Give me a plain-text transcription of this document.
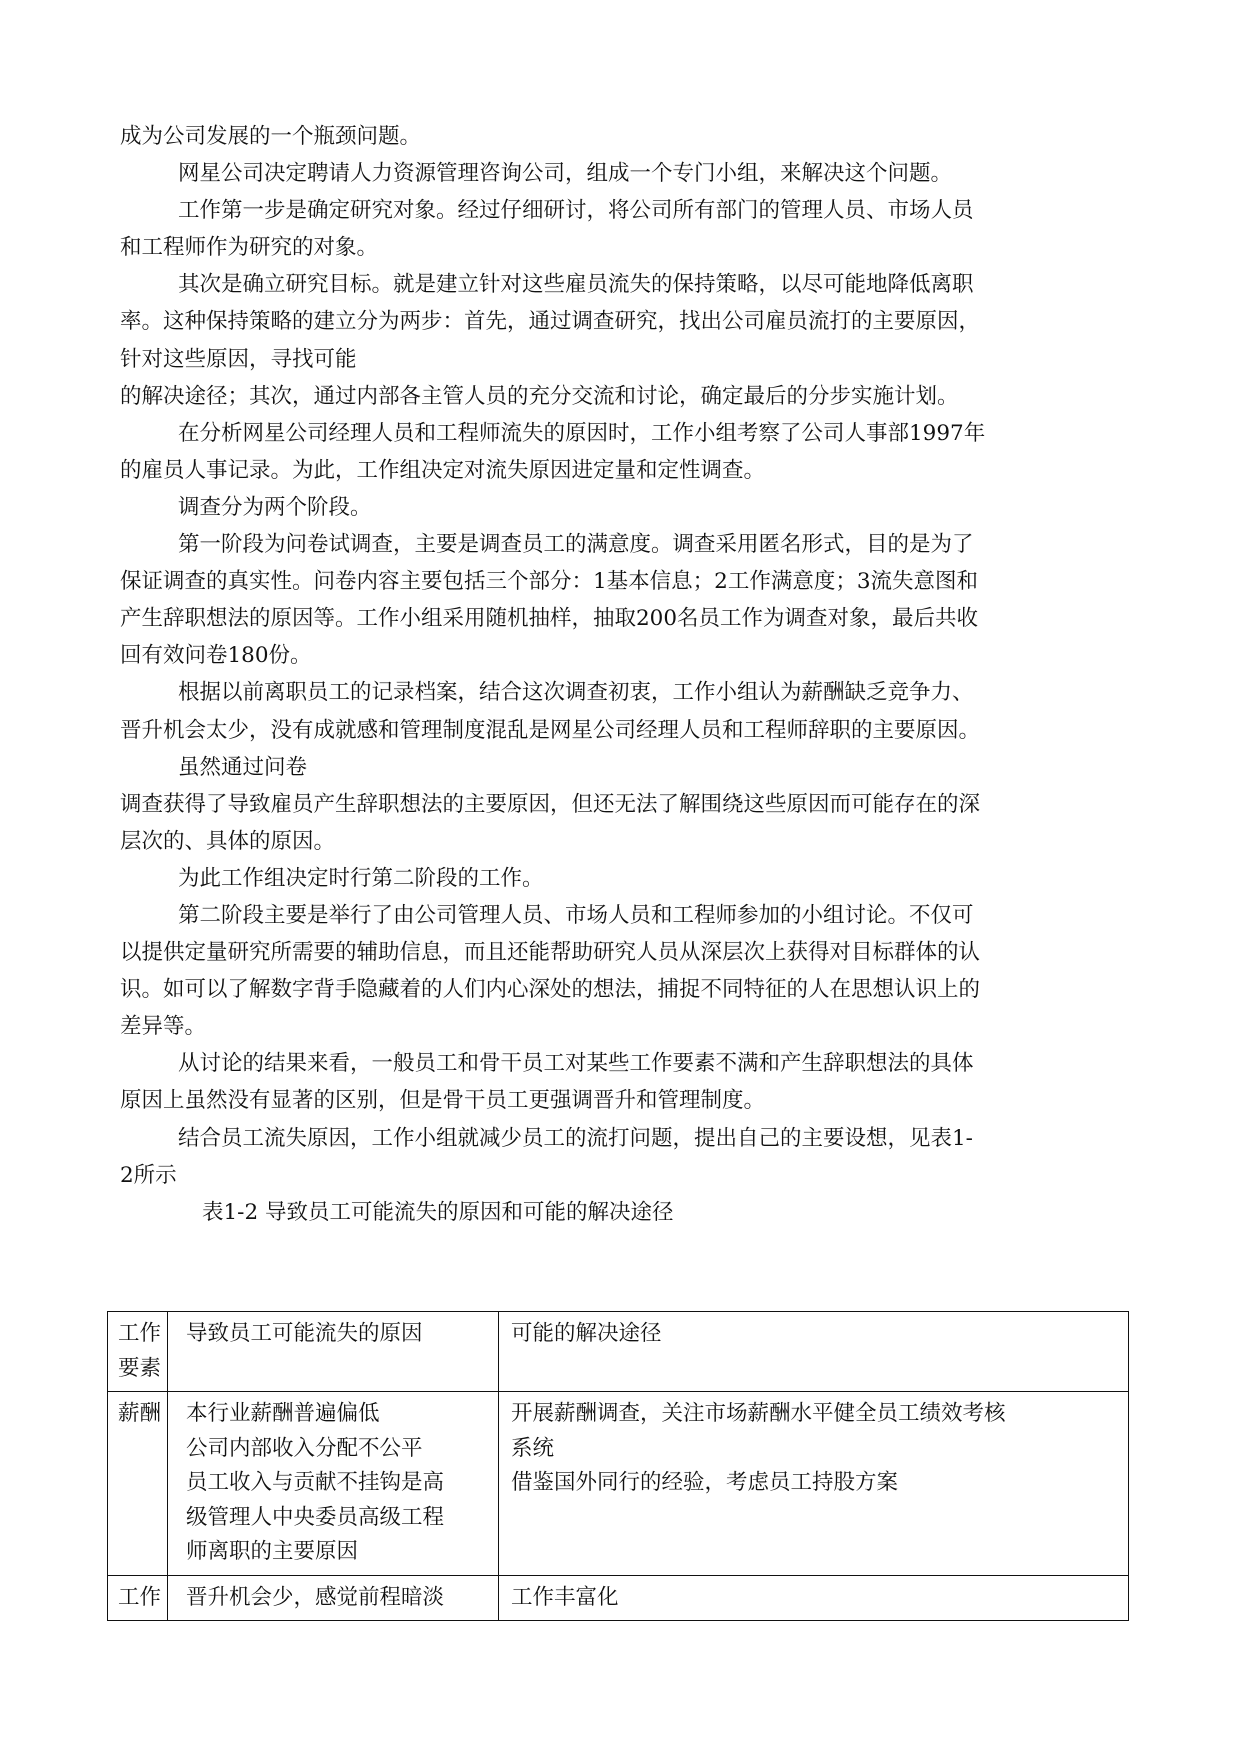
成为公司发展的一个瓶颈问题。
网星公司决定聘请人力资源管理咨询公司，组成一个专门小组，来解决这个问题。
工作第一步是确定研究对象。经过仔细研讨，将公司所有部门的管理人员、市场人员
和工程师作为研究的对象。
其次是确立研究目标。就是建立针对这些雇员流失的保持策略，以尽可能地降低离职
率。这种保持策略的建立分为两步：首先，通过调查研究，找出公司雇员流打的主要原因，
针对这些原因，寻找可能
的解决途径；其次，通过内部各主管人员的充分交流和讨论，确定最后的分步实施计划。
在分析网星公司经理人员和工程师流失的原因时，工作小组考察了公司人事部1997年
的雇员人事记录。为此，工作组决定对流失原因进定量和定性调查。
调查分为两个阶段。
第一阶段为问卷试调查，主要是调查员工的满意度。调查采用匿名形式，目的是为了
保证调查的真实性。问卷内容主要包括三个部分：1基本信息；2工作满意度；3流失意图和
产生辞职想法的原因等。工作小组采用随机抽样，抽取200名员工作为调查对象，最后共收
回有效问卷180份。
根据以前离职员工的记录档案，结合这次调查初衷，工作小组认为薪酬缺乏竞争力、
晋升机会太少，没有成就感和管理制度混乱是网星公司经理人员和工程师辞职的主要原因。
虽然通过问卷
调查获得了导致雇员产生辞职想法的主要原因，但还无法了解围绕这些原因而可能存在的深
层次的、具体的原因。
为此工作组决定时行第二阶段的工作。
第二阶段主要是举行了由公司管理人员、市场人员和工程师参加的小组讨论。不仅可
以提供定量研究所需要的辅助信息，而且还能帮助研究人员从深层次上获得对目标群体的认
识。如可以了解数字背手隐藏着的人们内心深处的想法，捕捉不同特征的人在思想认识上的
差异等。
从讨论的结果来看，一般员工和骨干员工对某些工作要素不满和产生辞职想法的具体
原因上虽然没有显著的区别，但是骨干员工更强调晋升和管理制度。
结合员工流失原因，工作小组就减少员工的流打问题，提出自己的主要设想，见表1-
2所示
表1-2 导致员工可能流失的原因和可能的解决途径
工作
要素	导致员工可能流失的原因	可能的解决途径

薪酬	本行业薪酬普遍偏低
公司内部收入分配不公平
员工收入与贡献不挂钩是高
级管理人中央委员高级工程
师离职的主要原因	开展薪酬调查，关注市场薪酬水平健全员工绩效考核
系统
借鉴国外同行的经验，考虑员工持股方案

工作	晋升机会少，感觉前程暗淡	工作丰富化
